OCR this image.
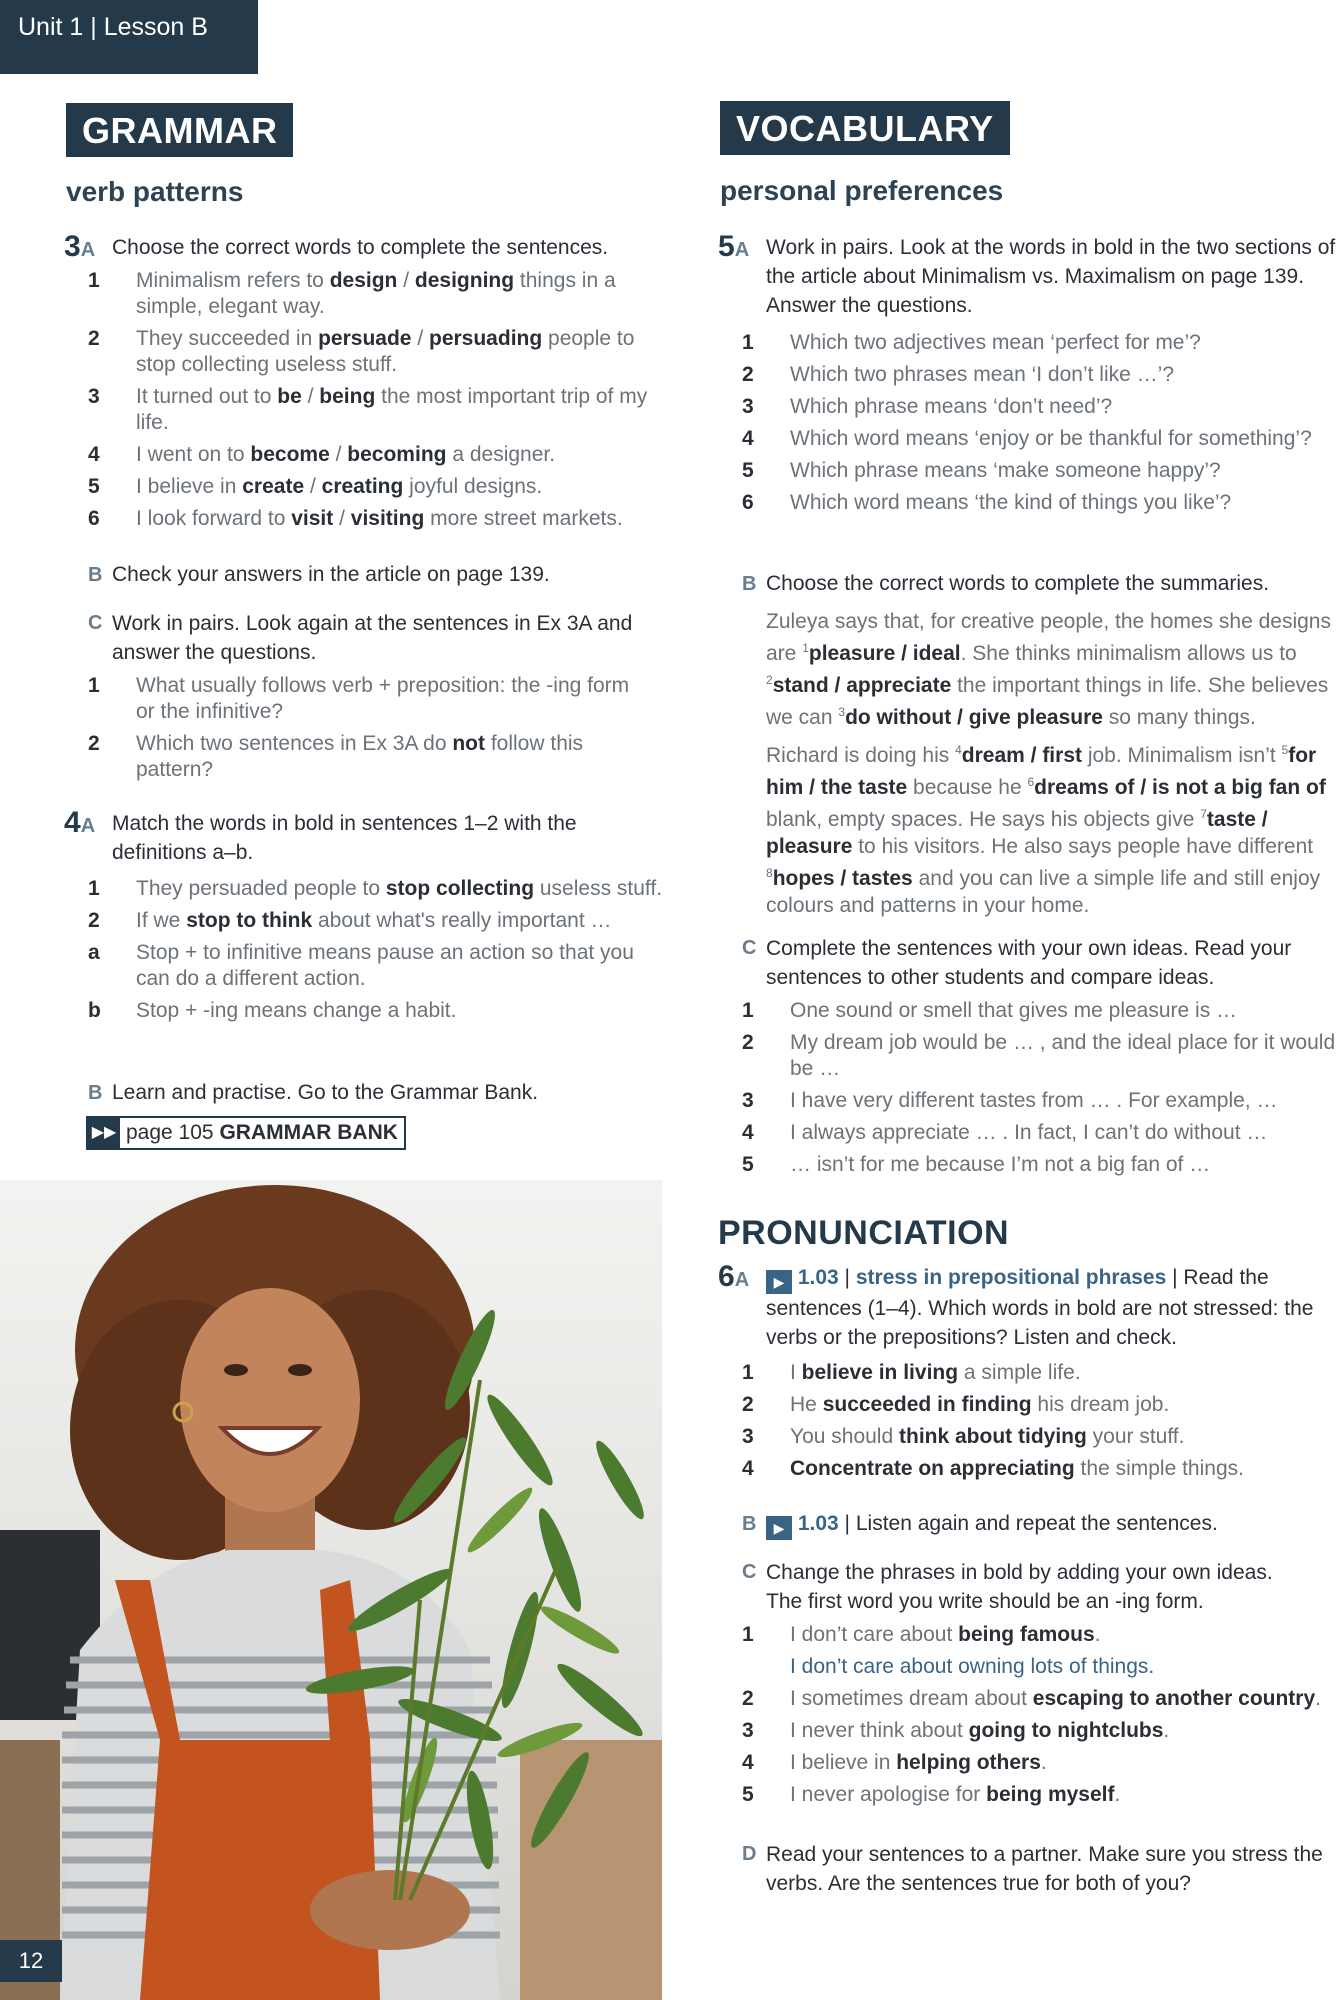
Unit 1 | Lesson B
GRAMMAR
verb patterns
3A Choose the correct words to complete the sentences.
1 Minimalism refers to design / designing things in a simple, elegant way.
2 They succeeded in persuade / persuading people to stop collecting useless stuff.
3 It turned out to be / being the most important trip of my life.
4 I went on to become / becoming a designer.
5 I believe in create / creating joyful designs.
6 I look forward to visit / visiting more street markets.
B Check your answers in the article on page 139.
C Work in pairs. Look again at the sentences in Ex 3A and answer the questions.
1 What usually follows verb + preposition: the -ing form or the infinitive?
2 Which two sentences in Ex 3A do not follow this pattern?
4A Match the words in bold in sentences 1–2 with the definitions a–b.
1 They persuaded people to stop collecting useless stuff.
2 If we stop to think about what's really important …
a Stop + to infinitive means pause an action so that you can do a different action.
b Stop + -ing means change a habit.
B Learn and practise. Go to the Grammar Bank.
▶▶ page 105 GRAMMAR BANK
12
VOCABULARY
personal preferences
5A Work in pairs. Look at the words in bold in the two sections of the article about Minimalism vs. Maximalism on page 139. Answer the questions.
1 Which two adjectives mean ‘perfect for me’?
2 Which two phrases mean ‘I don’t like …’?
3 Which phrase means ‘don’t need’?
4 Which word means ‘enjoy or be thankful for something’?
5 Which phrase means ‘make someone happy’?
6 Which word means ‘the kind of things you like’?
B Choose the correct words to complete the summaries.
Zuleya says that, for creative people, the homes she designs are $^1$pleasure / ideal. She thinks minimalism allows us to $^2$stand / appreciate the important things in life. She believes we can $^3$do without / give pleasure so many things.
Richard is doing his $^4$dream / first job. Minimalism isn’t $^5$for him / the taste because he $^6$dreams of / is not a big fan of blank, empty spaces. He says his objects give $^7$taste / pleasure to his visitors. He also says people have different $^8$hopes / tastes and you can live a simple life and still enjoy colours and patterns in your home.
C Complete the sentences with your own ideas. Read your sentences to other students and compare ideas.
1 One sound or smell that gives me pleasure is …
2 My dream job would be … , and the ideal place for it would be …
3 I have very different tastes from … . For example, …
4 I always appreciate … . In fact, I can’t do without …
5 … isn’t for me because I’m not a big fan of …
PRONUNCIATION
6A	▶ 1.03 | stress in prepositional phrases | Read the sentences (1–4). Which words in bold are not stressed: the verbs or the prepositions? Listen and check.
1 I believe in living a simple life.
2 He succeeded in finding his dream job.
3 You should think about tidying your stuff.
4 Concentrate on appreciating the simple things.
B ▶ 1.03 | Listen again and repeat the sentences.
C Change the phrases in bold by adding your own ideas. The first word you write should be an -ing form.
1 I don’t care about being famous.
I don’t care about owning lots of things.
2 I sometimes dream about escaping to another country.
3 I never think about going to nightclubs.
4 I believe in helping others.
5 I never apologise for being myself.
D Read your sentences to a partner. Make sure you stress the verbs. Are the sentences true for both of you?
